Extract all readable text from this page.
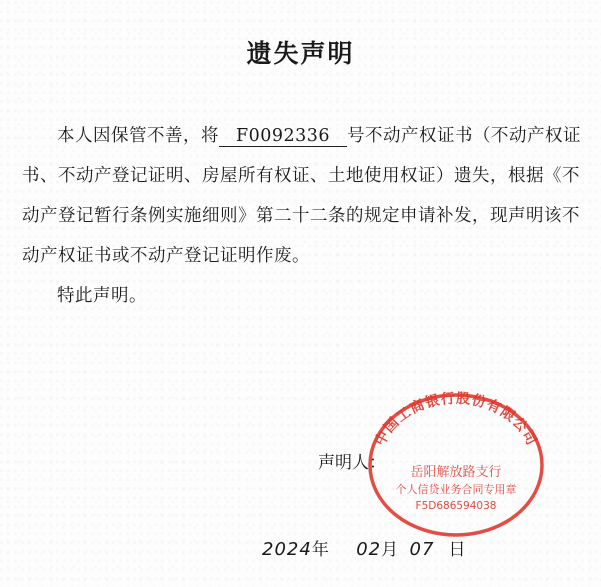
遗失声明

本人因保管不善，将 F0092336 号不动产权证书（不动产权证书、不动产登记证明、房屋所有权证、土地使用权证）遗失，根据《不动产登记暂行条例实施细则》第二十二条的规定申请补发，现声明该不动产权证书或不动产登记证明作废。

特此声明。

声明人：
2024年 02月 07 日
中国工商银行股份有限公司
岳阳解放路支行
个人信贷业务合同专用章
F5D686594038
